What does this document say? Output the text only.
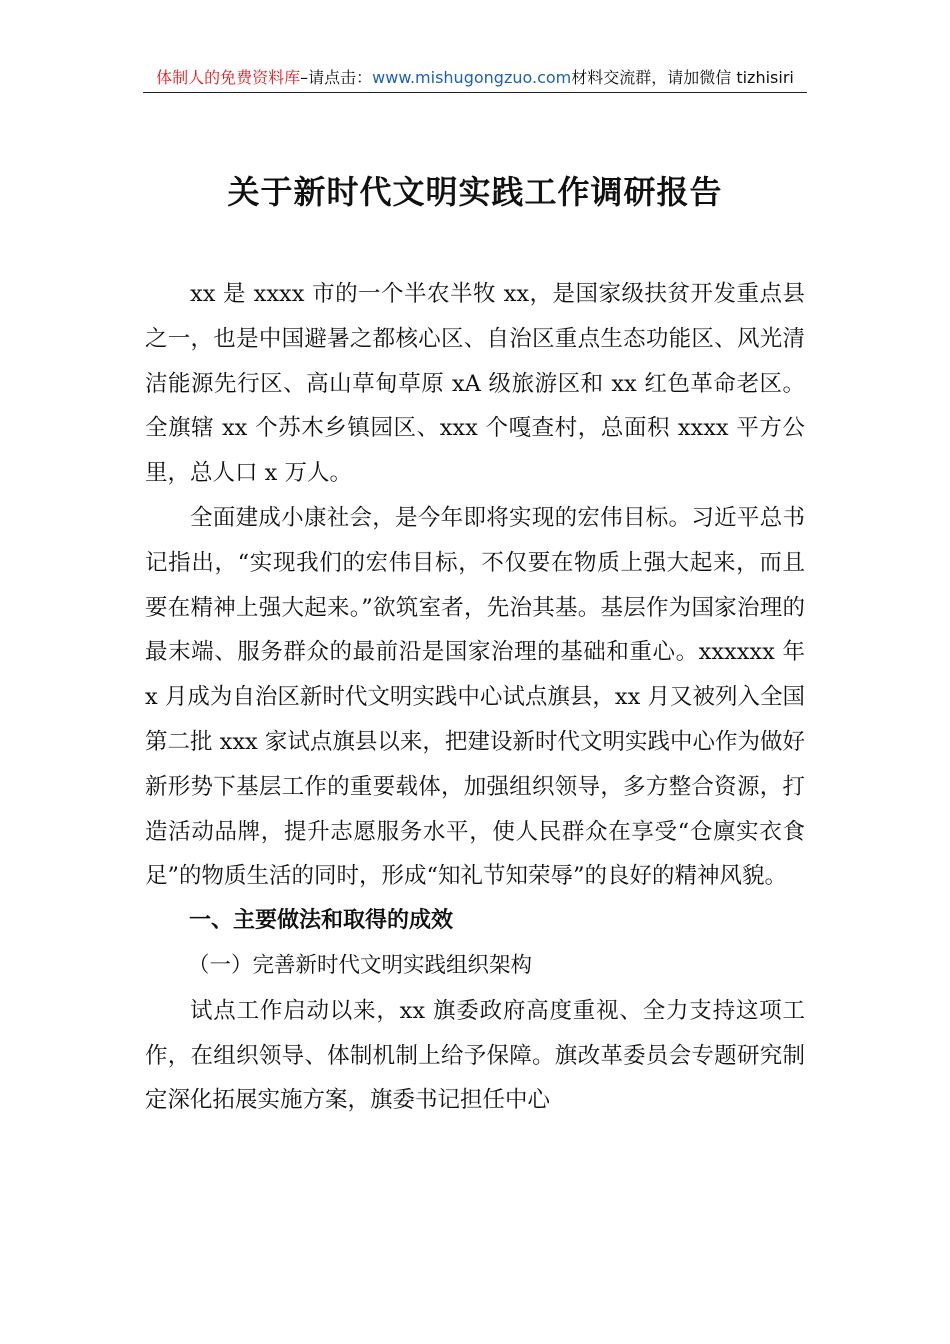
体制人的免费资料库–请点击：www.mishugongzuo.com材料交流群，请加微信 tizhisiri
关于新时代文明实践工作调研报告

xx 是 xxxx 市的一个半农半牧 xx，是国家级扶贫开发重点县之一，也是中国避暑之都核心区、自治区重点生态功能区、风光清洁能源先行区、高山草甸草原 xA 级旅游区和 xx 红色革命老区。全旗辖 xx 个苏木乡镇园区、xxx 个嘎查村，总面积 xxxx 平方公里，总人口 x 万人。

全面建成小康社会，是今年即将实现的宏伟目标。习近平总书记指出，“实现我们的宏伟目标，不仅要在物质上强大起来，而且要在精神上强大起来。”欲筑室者，先治其基。基层作为国家治理的最末端、服务群众的最前沿是国家治理的基础和重心。xxxxxx 年 x 月成为自治区新时代文明实践中心试点旗县，xx 月又被列入全国第二批 xxx 家试点旗县以来，把建设新时代文明实践中心作为做好新形势下基层工作的重要载体，加强组织领导，多方整合资源，打造活动品牌，提升志愿服务水平，使人民群众在享受“仓廪实衣食足”的物质生活的同时，形成“知礼节知荣辱”的良好的精神风貌。

一、主要做法和取得的成效

（一）完善新时代文明实践组织架构

试点工作启动以来，xx 旗委政府高度重视、全力支持这项工作，在组织领导、体制机制上给予保障。旗改革委员会专题研究制定深化拓展实施方案，旗委书记担任中心
